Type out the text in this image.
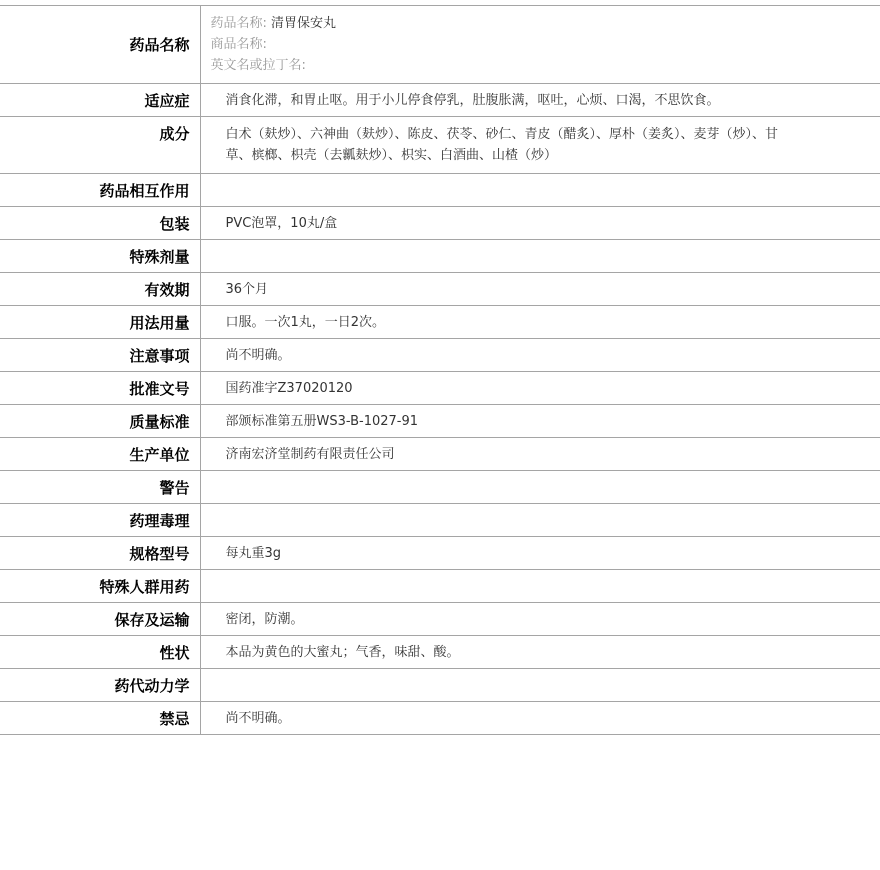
药品名称	药品名称: 清胃保安丸
商品名称:
英文名或拉丁名:

适应症	消食化滞，和胃止呕。用于小儿停食停乳，肚腹胀满，呕吐，心烦、口渴，不思饮食。
成分	白术（麸炒）、六神曲（麸炒）、陈皮、茯苓、砂仁、青皮（醋炙）、厚朴（姜炙）、麦芽（炒）、甘草、槟榔、枳壳（去瓤麸炒）、枳实、白酒曲、山楂（炒）
药品相互作用	
包装	PVC泡罩，10丸/盒
特殊剂量	
有效期	36个月
用法用量	口服。一次1丸，一日2次。
注意事项	尚不明确。
批准文号	国药准字Z37020120
质量标准	部颁标准第五册WS3-B-1027-91
生产单位	济南宏济堂制药有限责任公司
警告	
药理毒理	
规格型号	每丸重3g
特殊人群用药	
保存及运输	密闭，防潮。
性状	本品为黄色的大蜜丸；气香，味甜、酸。
药代动力学	
禁忌	尚不明确。
